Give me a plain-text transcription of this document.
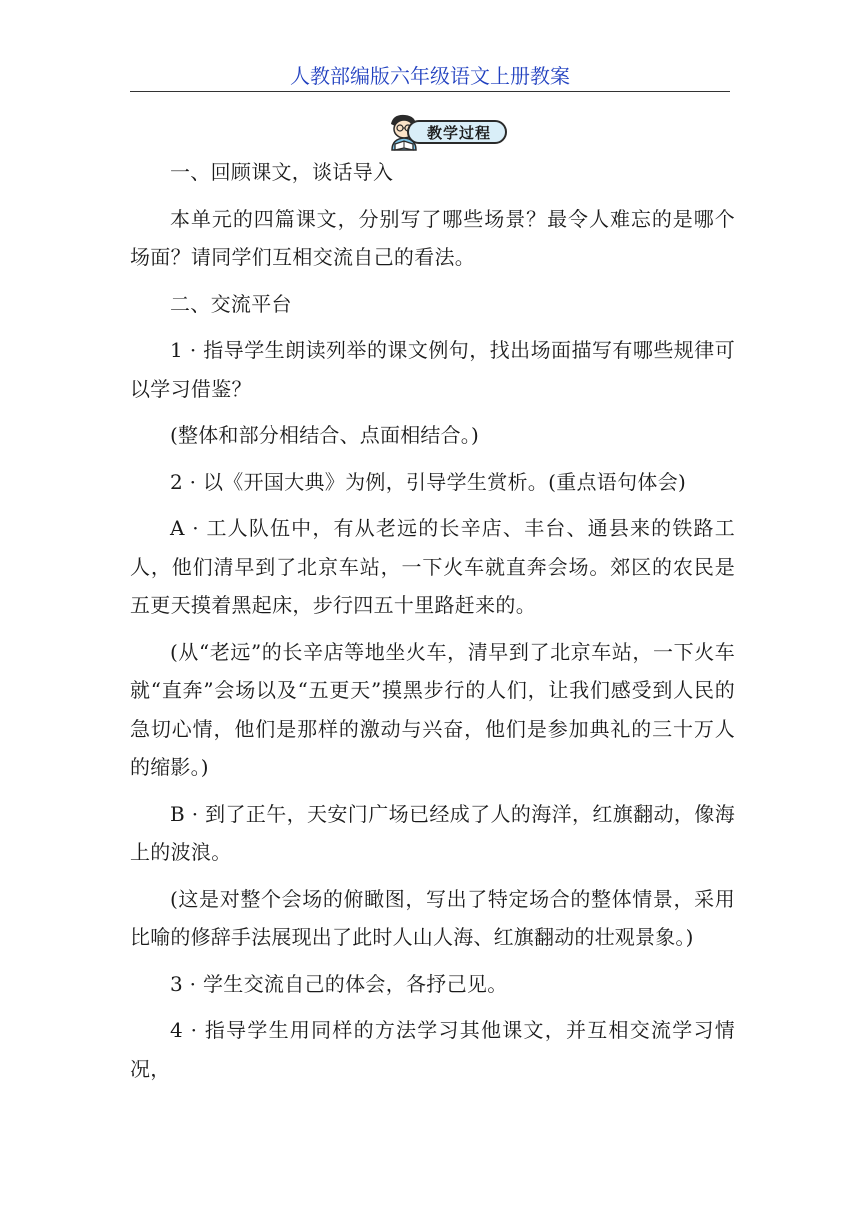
人教部编版六年级语文上册教案
教学过程

一、回顾课文，谈话导入

本单元的四篇课文，分别写了哪些场景？最令人难忘的是哪个场面？请同学们互相交流自己的看法。

二、交流平台

1 · 指导学生朗读列举的课文例句，找出场面描写有哪些规律可以学习借鉴？

(整体和部分相结合、点面相结合。)

2 · 以《开国大典》为例，引导学生赏析。(重点语句体会)

A · 工人队伍中，有从老远的长辛店、丰台、通县来的铁路工人，他们清早到了北京车站，一下火车就直奔会场。郊区的农民是五更天摸着黑起床，步行四五十里路赶来的。

(从“老远”的长辛店等地坐火车，清早到了北京车站，一下火车就“直奔”会场以及“五更天”摸黑步行的人们，让我们感受到人民的急切心情，他们是那样的激动与兴奋，他们是参加典礼的三十万人的缩影。)

B · 到了正午，天安门广场已经成了人的海洋，红旗翻动，像海上的波浪。

(这是对整个会场的俯瞰图，写出了特定场合的整体情景，采用比喻的修辞手法展现出了此时人山人海、红旗翻动的壮观景象。)

3 · 学生交流自己的体会，各抒己见。

4 · 指导学生用同样的方法学习其他课文，并互相交流学习情况，
